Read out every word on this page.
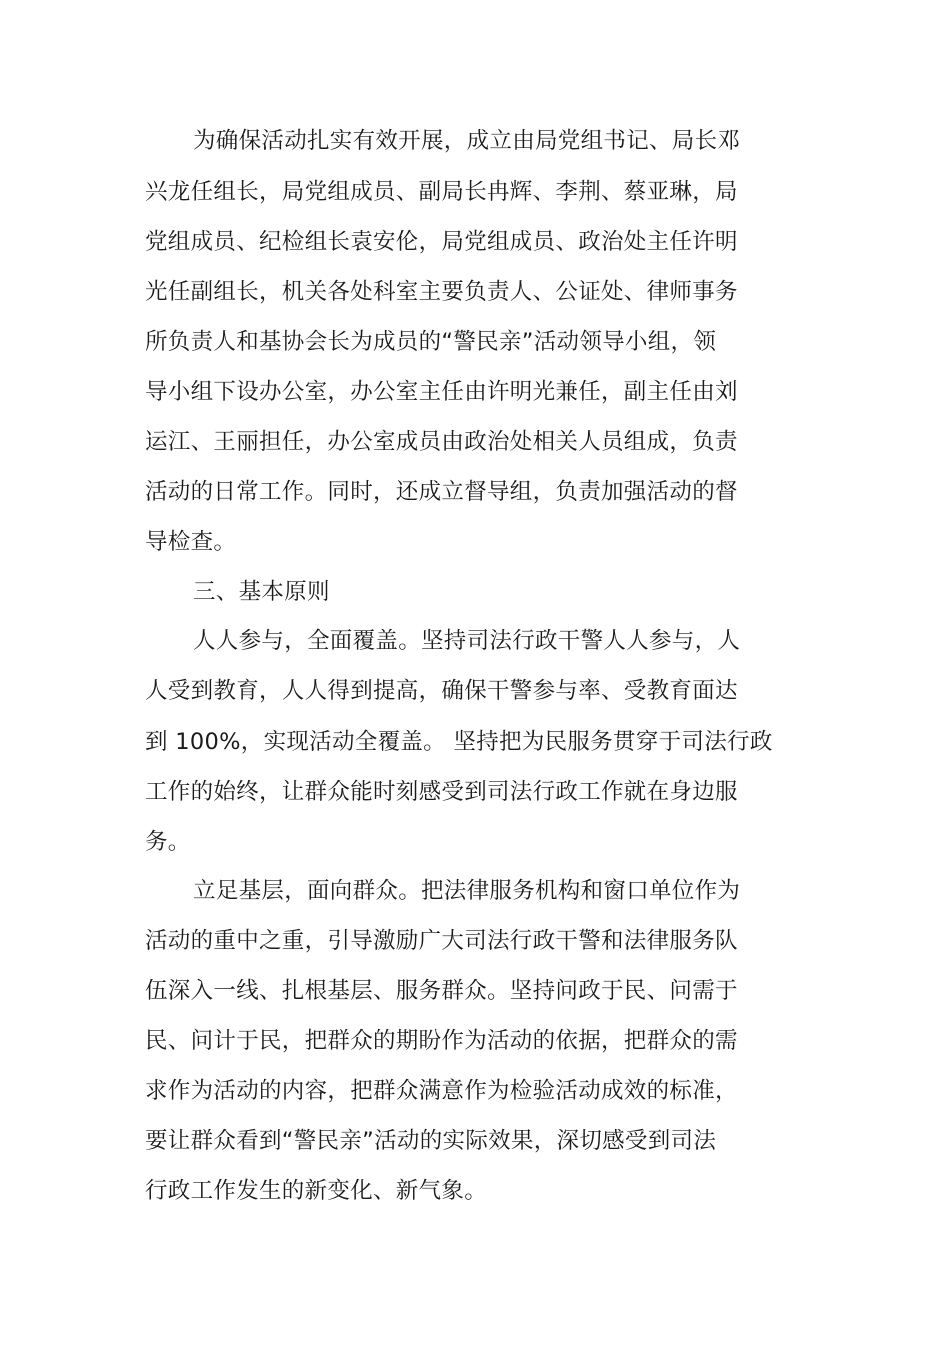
为确保活动扎实有效开展，成立由局党组书记、局长邓
兴龙任组长，局党组成员、副局长冉辉、李荆、蔡亚琳，局
党组成员、纪检组长袁安伦，局党组成员、政治处主任许明
光任副组长，机关各处科室主要负责人、公证处、律师事务
所负责人和基协会长为成员的“警民亲”活动领导小组，领
导小组下设办公室，办公室主任由许明光兼任，副主任由刘
运江、王丽担任，办公室成员由政治处相关人员组成，负责
活动的日常工作。同时，还成立督导组，负责加强活动的督
导检查。
三、基本原则
人人参与，全面覆盖。坚持司法行政干警人人参与，人
人受到教育，人人得到提高，确保干警参与率、受教育面达
到 100%，实现活动全覆盖。 坚持把为民服务贯穿于司法行政
工作的始终，让群众能时刻感受到司法行政工作就在身边服
务。
立足基层，面向群众。把法律服务机构和窗口单位作为
活动的重中之重，引导激励广大司法行政干警和法律服务队
伍深入一线、扎根基层、服务群众。坚持问政于民、问需于
民、问计于民，把群众的期盼作为活动的依据，把群众的需
求作为活动的内容，把群众满意作为检验活动成效的标准，
要让群众看到“警民亲”活动的实际效果，深切感受到司法
行政工作发生的新变化、新气象。
